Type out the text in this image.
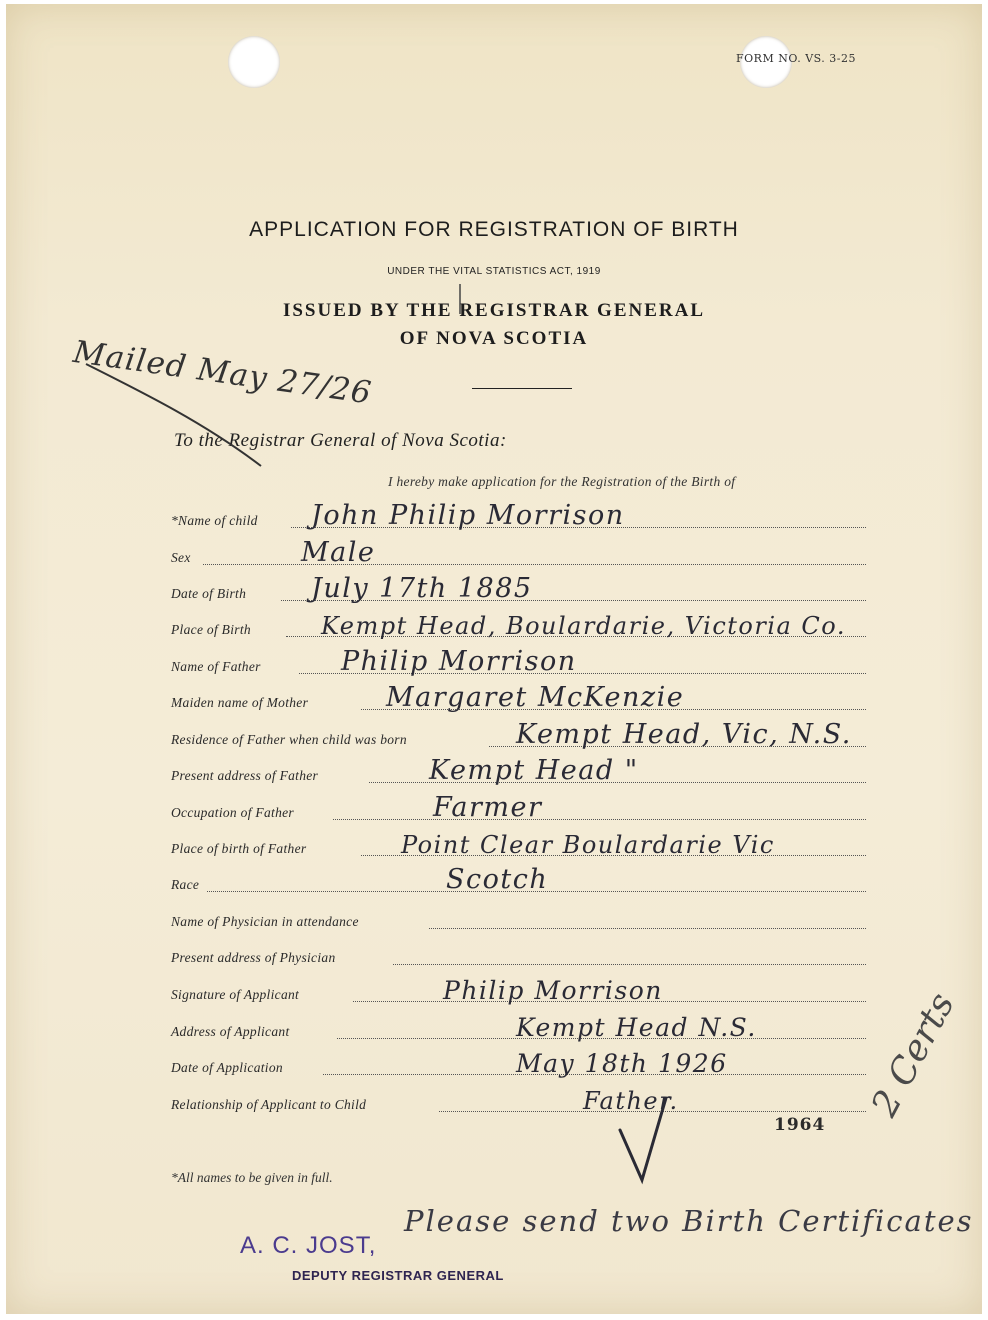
FORM NO. VS. 3-25
APPLICATION FOR REGISTRATION OF BIRTH
UNDER THE VITAL STATISTICS ACT, 1919
ISSUED BY THE REGISTRAR GENERAL
OF NOVA SCOTIA
Mailed May 27/26
To the Registrar General of Nova Scotia:
I hereby make application for the Registration of the Birth of
*Name of child John Philip Morrison
Sex	Male
Date of Birth July 17th 1885
Place of Birth	Kempt Head, Boulardarie, Victoria Co.
Name of Father	Philip Morrison
Maiden name of Mother	Margaret McKenzie
Residence of Father when child was born	Kempt Head, Vic, N.S.
Present address of Father	Kempt Head "
Occupation of Father	Farmer
Place of birth of Father	Point Clear Boulardarie Vic
Race	Scotch
Name of Physician in attendance
Present address of Physician
Signature of Applicant	Philip Morrison
Address of Applicant	Kempt Head N.S.
Date of Application	May 18th 1926
Relationship of Applicant to Child	Father.
1964
*All names to be given in full.
Please send two Birth Certificates
2 Certs
A. C. JOST,
DEPUTY REGISTRAR GENERAL
